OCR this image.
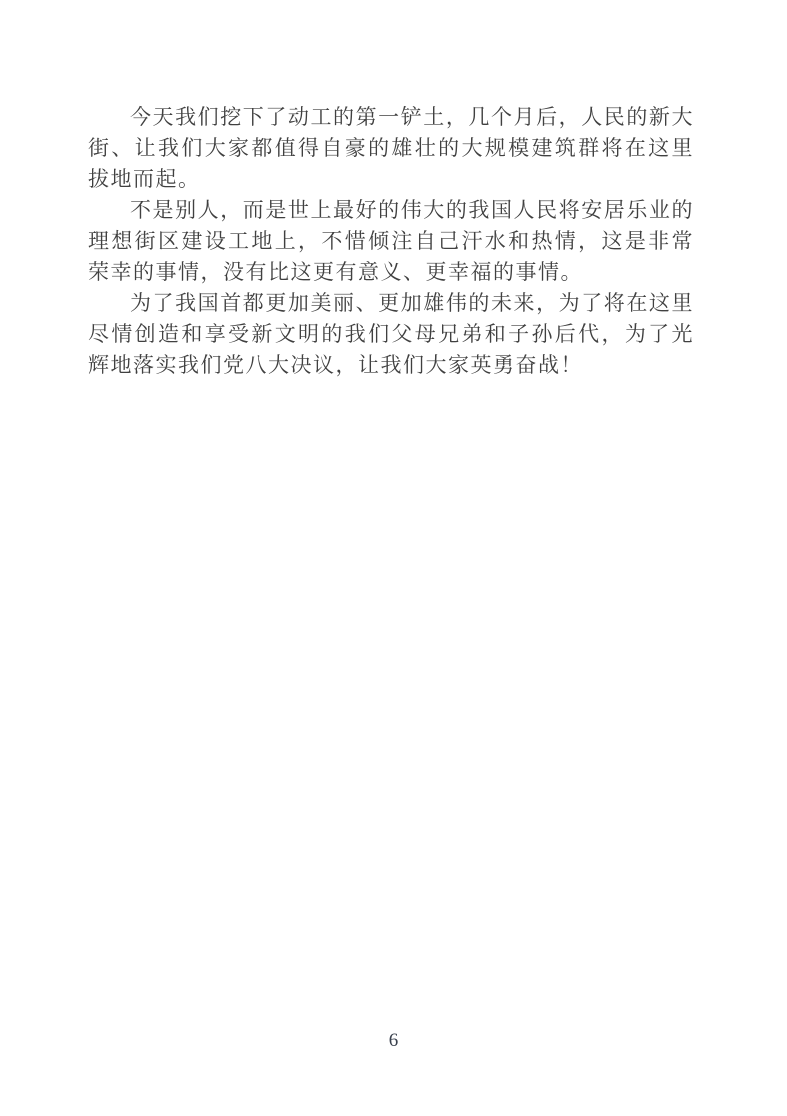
今天我们挖下了动工的第一铲土，几个月后，人民的新大街、让我们大家都值得自豪的雄壮的大规模建筑群将在这里拔地而起。

不是别人，而是世上最好的伟大的我国人民将安居乐业的理想街区建设工地上，不惜倾注自己汗水和热情，这是非常荣幸的事情，没有比这更有意义、更幸福的事情。

为了我国首都更加美丽、更加雄伟的未来，为了将在这里尽情创造和享受新文明的我们父母兄弟和子孙后代，为了光辉地落实我们党八大决议，让我们大家英勇奋战！

6
